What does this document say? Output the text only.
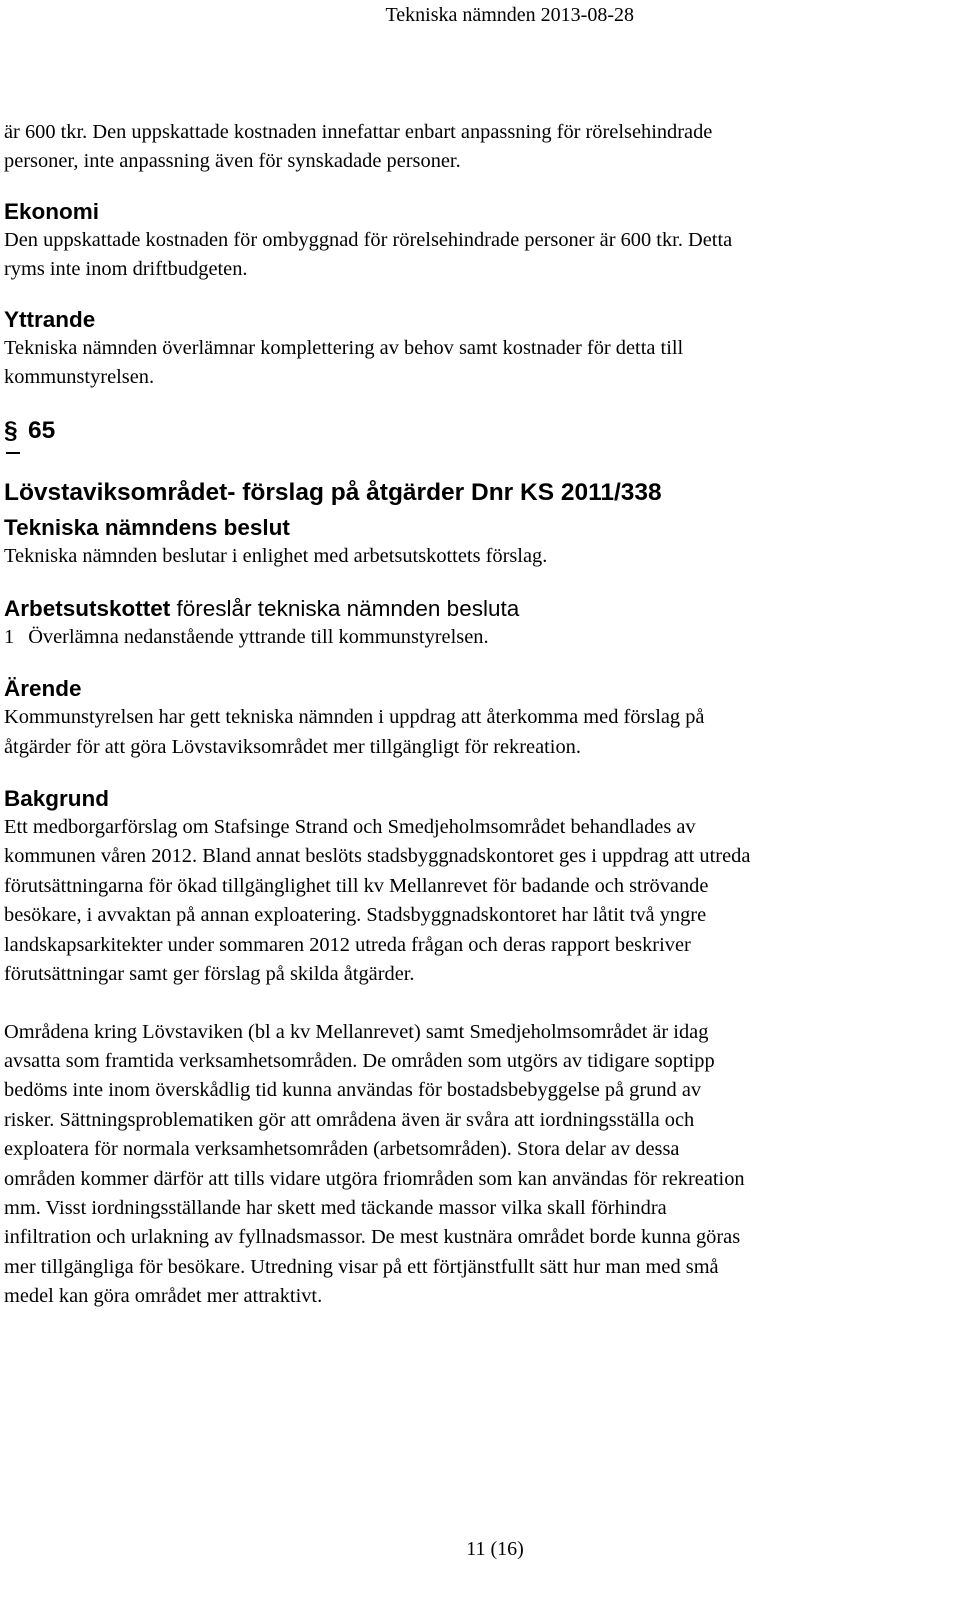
Tekniska nämnden 2013-08-28

är 600 tkr. Den uppskattade kostnaden innefattar enbart anpassning för rörelsehindrade

personer, inte anpassning även för synskadade personer.

Ekonomi

Den uppskattade kostnaden för ombyggnad för rörelsehindrade personer är 600 tkr. Detta

ryms inte inom driftbudgeten.

Yttrande

Tekniska nämnden överlämnar komplettering av behov samt kostnader för detta till

kommunstyrelsen.

§ 65

Lövstaviksområdet- förslag på åtgärder Dnr KS 2011/338

Tekniska nämndens beslut

Tekniska nämnden beslutar i enlighet med arbetsutskottets förslag.

Arbetsutskottet föreslår tekniska nämnden besluta

1 Överlämna nedanstående yttrande till kommunstyrelsen.

Ärende

Kommunstyrelsen har gett tekniska nämnden i uppdrag att återkomma med förslag på

åtgärder för att göra Lövstaviksområdet mer tillgängligt för rekreation.

Bakgrund

Ett medborgarförslag om Stafsinge Strand och Smedjeholmsområdet behandlades av

kommunen våren 2012. Bland annat beslöts stadsbyggnadskontoret ges i uppdrag att utreda

förutsättningarna för ökad tillgänglighet till kv Mellanrevet för badande och strövande

besökare, i avvaktan på annan exploatering. Stadsbyggnadskontoret har låtit två yngre

landskapsarkitekter under sommaren 2012 utreda frågan och deras rapport beskriver

förutsättningar samt ger förslag på skilda åtgärder.

Områdena kring Lövstaviken (bl a kv Mellanrevet) samt Smedjeholmsområdet är idag

avsatta som framtida verksamhetsområden. De områden som utgörs av tidigare soptipp

bedöms inte inom överskådlig tid kunna användas för bostadsbebyggelse på grund av

risker. Sättningsproblematiken gör att områdena även är svåra att iordningsställa och

exploatera för normala verksamhetsområden (arbetsområden). Stora delar av dessa

områden kommer därför att tills vidare utgöra friområden som kan användas för rekreation

mm. Visst iordningsställande har skett med täckande massor vilka skall förhindra

infiltration och urlakning av fyllnadsmassor. De mest kustnära området borde kunna göras

mer tillgängliga för besökare. Utredning visar på ett förtjänstfullt sätt hur man med små

medel kan göra området mer attraktivt.

11 (16)
